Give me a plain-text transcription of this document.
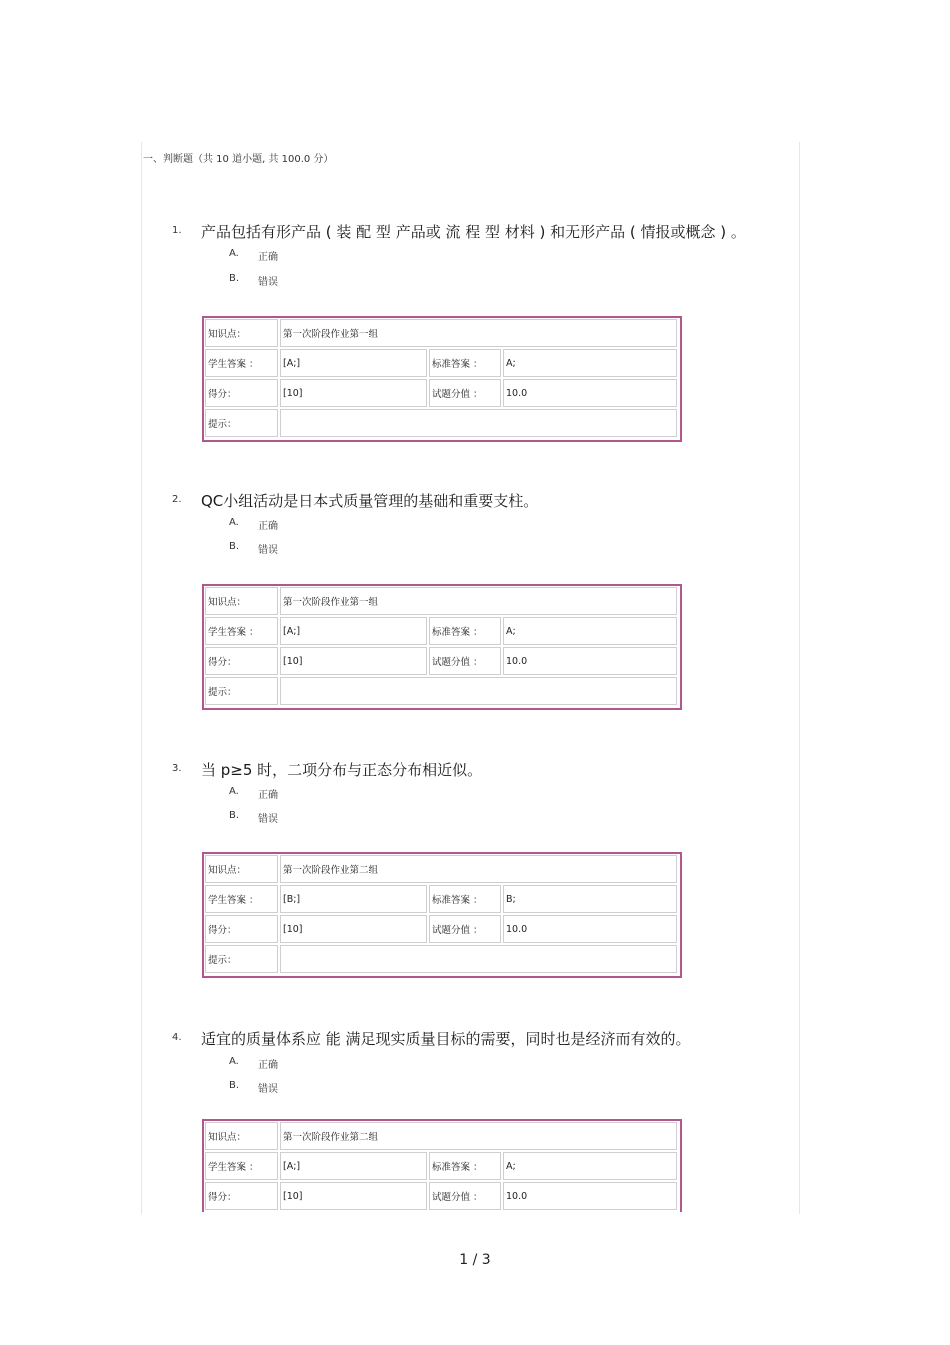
一、判断题（共 10 道小题, 共 100.0 分）
1. 产品包括有形产品 ( 装 配 型 产品或 流 程 型 材料 ) 和无形产品 ( 情报或概念 ) 。
A. 正确
B. 错误
知识点：	第一次阶段作业第一组
学生答案 ：	[A;]	标准答案 ：	A;
得分：	[10]	试题分值 ：	10.0
提示：
2. QC小组活动是日本式质量管理的基础和重要支柱。
A. 正确
B. 错误
知识点：	第一次阶段作业第一组
学生答案 ：	[A;]	标准答案 ：	A;
得分：	[10]	试题分值 ：	10.0
提示：
3. 当 p≥5 时，二项分布与正态分布相近似。
A. 正确
B. 错误
知识点：	第一次阶段作业第二组
学生答案 ：	[B;]	标准答案 ：	B;
得分：	[10]	试题分值 ：	10.0
提示：
4. 适宜的质量体系应 能 满足现实质量目标的需要，同时也是经济而有效的。
A. 正确
B. 错误
知识点：	第一次阶段作业第二组
学生答案 ：	[A;]	标准答案 ：	A;
得分：	[10]	试题分值 ：	10.0
1 / 3
